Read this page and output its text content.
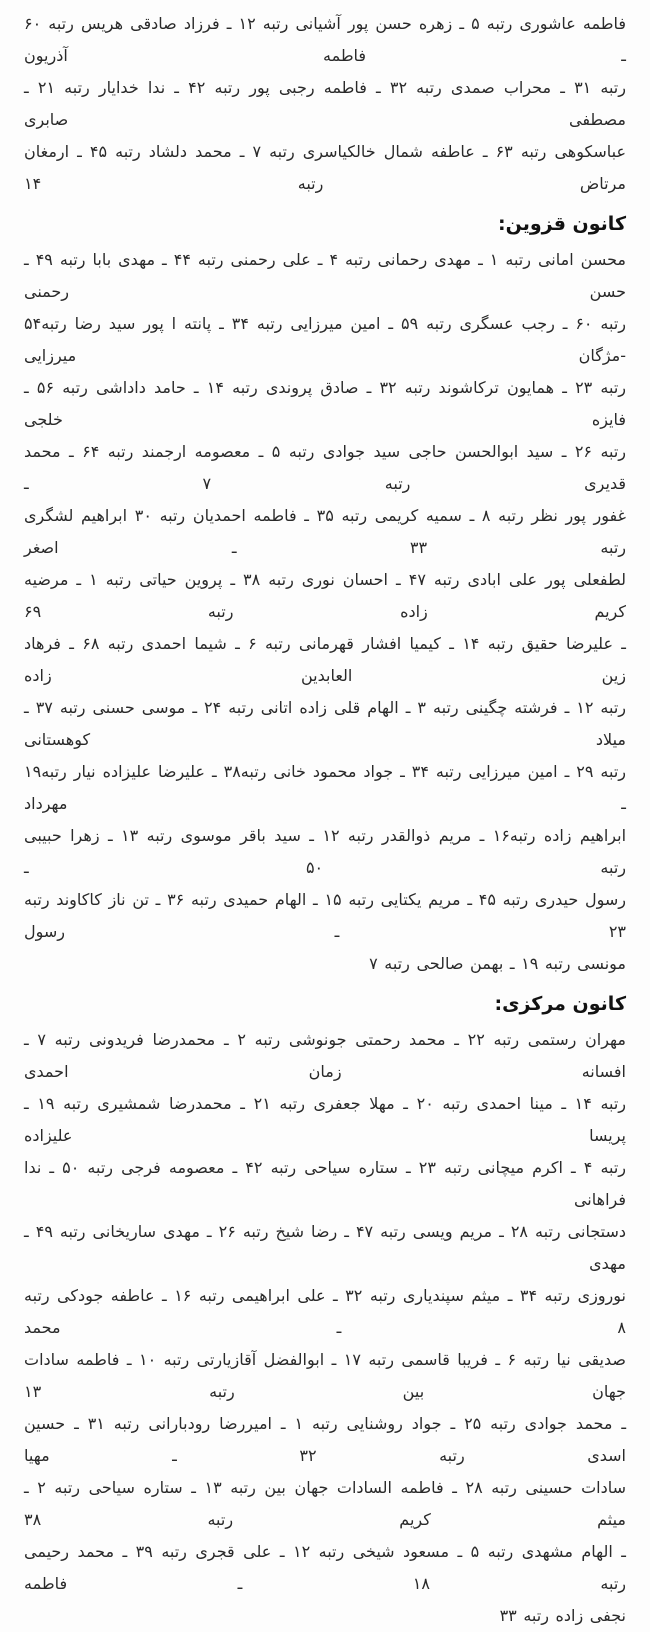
فاطمه عاشوری رتبه ۵ ـ زهره حسن پور آشیانی رتبه ۱۲ ـ فرزاد صادقی هریس رتبه ۶۰ ـ فاطمه آذریون

رتبه ۳۱ ـ محراب صمدی رتبه ۳۲ ـ فاطمه رجبی پور رتبه ۴۲ ـ ندا خدایار رتبه ۲۱ ـ مصطفی صابری

عباسکوهی رتبه ۶۳ ـ عاطفه شمال خالکیاسری رتبه ۷ ـ محمد دلشاد رتبه ۴۵ ـ ارمغان مرتاض رتبه ۱۴

کانون قزوین:

محسن امانی رتبه ۱ ـ مهدی رحمانی رتبه ۴ ـ علی رحمنی رتبه ۴۴ ـ مهدی بابا رتبه ۴۹ ـ حسن رحمنی

رتبه ۶۰ ـ رجب عسگری رتبه ۵۹ ـ امین میرزایی رتبه ۳۴ ـ پانته ا پور سید رضا رتبه۵۴ -مژگان میرزایی

رتبه ۲۳ ـ همایون ترکاشوند رتبه ۳۲ ـ صادق پروندی رتبه ۱۴ ـ حامد داداشی رتبه ۵۶ ـ فایزه خلجی

رتبه ۲۶ ـ سید ابوالحسن حاجی سید جوادی رتبه ۵ ـ معصومه ارجمند رتبه ۶۴ ـ محمد قدیری رتبه ۷ ـ

غفور پور نظر رتبه ۸ ـ سمیه کریمی رتبه ۳۵ ـ فاطمه احمدیان رتبه ۳۰ ابراهیم لشگری رتبه ۳۳ ـ اصغر

لطفعلی پور علی ابادی رتبه ۴۷ ـ احسان نوری رتبه ۳۸ ـ پروین حیاتی رتبه ۱ ـ مرضیه کریم زاده رتبه ۶۹

ـ علیرضا حقیق رتبه ۱۴ ـ کیمیا افشار قهرمانی رتبه ۶ ـ شیما احمدی رتبه ۶۸ ـ فرهاد زین العابدین زاده

رتبه ۱۲ ـ فرشته چگینی رتبه ۳ ـ الهام قلی زاده اتانی رتبه ۲۴ ـ موسی حسنی رتبه ۳۷ ـ میلاد کوهستانی

رتبه ۲۹ ـ امین میرزایی رتبه ۳۴ ـ جواد محمود خانی رتبه۳۸ ـ علیرضا علیزاده نیار رتبه۱۹ ـ مهرداد

ابراهیم زاده رتبه۱۶ ـ مریم ذوالقدر رتبه ۱۲ ـ سید باقر موسوی رتبه ۱۳ ـ زهرا حبیبی رتبه ۵۰ ـ

رسول حیدری رتبه ۴۵ ـ مریم یکتایی رتبه ۱۵ ـ الهام حمیدی رتبه ۳۶ ـ تن ناز کاکاوند رتبه ۲۳ ـ رسول

مونسی رتبه ۱۹ ـ بهمن صالحی رتبه ۷

کانون مرکزی:

مهران رستمی رتبه ۲۲ ـ محمد رحمتی جونوشی رتبه ۲ ـ محمدرضا فریدونی رتبه ۷ ـ افسانه زمان احمدی

رتبه ۱۴ ـ مینا احمدی رتبه ۲۰ ـ مهلا جعفری رتبه ۲۱ ـ محمدرضا شمشیری رتبه ۱۹ ـ پریسا علیزاده

رتبه ۴ ـ اکرم میچانی رتبه ۲۳ ـ ستاره سیاحی رتبه ۴۲ ـ معصومه فرجی رتبه ۵۰ ـ ندا فراهانی

دستجانی رتبه ۲۸ ـ مریم ویسی رتبه ۴۷ ـ رضا شیخ رتبه ۲۶ ـ مهدی ساریخانی رتبه ۴۹ ـ مهدی

نوروزی رتبه ۳۴ ـ میثم سپندیاری رتبه ۳۲ ـ علی ابراهیمی رتبه ۱۶ ـ عاطفه جودکی رتبه ۸ ـ محمد

صدیقی نیا رتبه ۶ ـ فریبا قاسمی رتبه ۱۷ ـ ابوالفضل آقازیارتی رتبه ۱۰ ـ فاطمه سادات جهان بین رتبه ۱۳

ـ محمد جوادی رتبه ۲۵ ـ جواد روشنایی رتبه ۱ ـ امیررضا رودبارانی رتبه ۳۱ ـ حسین اسدی رتبه ۳۲ ـ مهیا

سادات حسینی رتبه ۲۸ ـ فاطمه السادات جهان بین رتبه ۱۳ ـ ستاره سیاحی رتبه ۲ ـ میثم کریم رتبه ۳۸

ـ الهام مشهدی رتبه ۵ ـ مسعود شیخی رتبه ۱۲ ـ علی قجری رتبه ۳۹ ـ محمد رحیمی رتبه ۱۸ ـ فاطمه

نجفی زاده رتبه ۳۳
